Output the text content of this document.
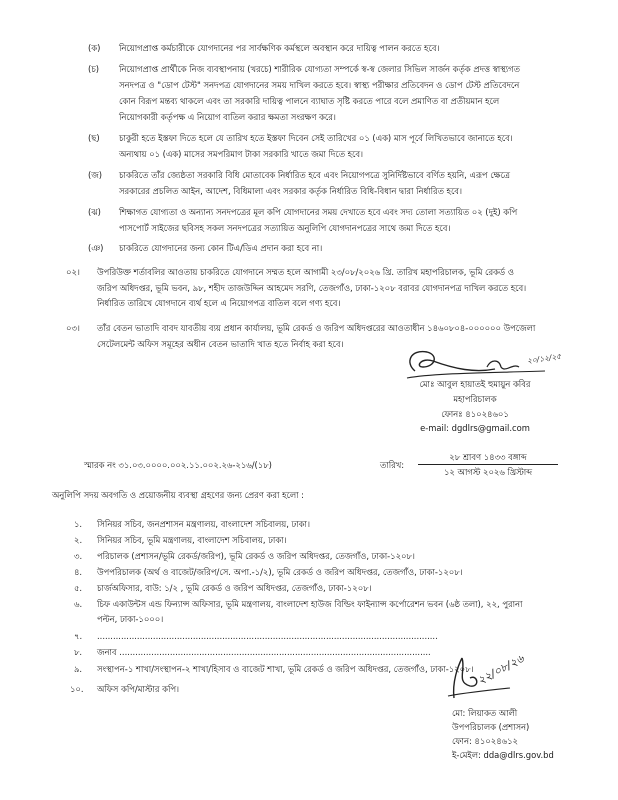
(ক) নিয়োগপ্রাপ্ত কর্মচারীকে যোগদানের পর সার্বক্ষণিক কর্মস্থলে অবস্থান করে দায়িত্ব পালন করতে হবে।
(চ) নিয়োগপ্রাপ্ত প্রার্থীকে নিজ ব্যবস্থাপনায় (খরচে) শারীরিক যোগ্যতা সম্পর্কে স্ব-স্ব জেলার সিভিল সার্জন কর্তৃক প্রদত্ত স্বাস্থ্যগত
সনদপত্র ও "ডোপ টেস্ট" সনদপত্র যোগদানের সময় দাখিল করতে হবে। স্বাস্থ্য পরীক্ষার প্রতিবেদন ও ডোপ টেস্ট প্রতিবেদনে
কোন বিরূপ মন্তব্য থাকলে এবং তা সরকারি দায়িত্ব পালনে ব্যাঘাত সৃষ্টি করতে পারে বলে প্রমাণিত বা প্রতীয়মান হলে
নিয়োগকারী কর্তৃপক্ষ এ নিয়োগ বাতিল করার ক্ষমতা সংরক্ষণ করে।
(ছ) চাকুরী হতে ইস্তফা দিতে হলে যে তারিখ হতে ইস্তফা দিবেন সেই তারিখের ০১ (এক) মাস পূর্বে লিখিতভাবে জানাতে হবে।
অন্যথায় ০১ (এক) মাসের সমপরিমাণ টাকা সরকারি খাতে জমা দিতে হবে।
(জ) চাকরিতে তাঁর জ্যেষ্ঠতা সরকারি বিধি মোতাবেক নির্ধারিত হবে এবং নিয়োগপত্রে সুনির্দিষ্টভাবে বর্ণিত হয়নি, এরূপ ক্ষেত্রে
সরকারের প্রচলিত আইন, আদেশ, বিধিমালা এবং সরকার কর্তৃক নির্ধারিত বিধি-বিধান দ্বারা নির্ধারিত হবে।
(ঝ) শিক্ষাগত যোগ্যতা ও অন্যান্য সনদপত্রের মূল কপি যোগদানের সময় দেখাতে হবে এবং সদ্য তোলা সত্যায়িত ০২ (দুই) কপি
পাসপোর্ট সাইজের ছবিসহ সকল সনদপত্রের সত্যায়িত অনুলিপি যোগদানপত্রের সাথে জমা দিতে হবে।
(ঞ) চাকরিতে যোগদানের জন্য কোন টিএ/ডিএ প্রদান করা হবে না।
০২। উপরিউক্ত শর্তাবলির আওতায় চাকরিতে যোগদানে সম্মত হলে আগামী ২৩/০৮/২০২৬ খ্রি. তারিখ মহাপরিচালক, ভূমি রেকর্ড ও
জরিপ অধিদপ্তর, ভূমি ভবন, ৯৮, শহীদ তাজউদ্দিন আহমেদ সরণি, তেজগাঁও, ঢাকা-১২০৮ বরাবর যোগদানপত্র দাখিল করতে হবে।
নির্ধারিত তারিখে যোগদানে ব্যর্থ হলে এ নিয়োগপত্র বাতিল বলে গণ্য হবে।
০৩। তাঁর বেতন ভাতাদি বাবদ যাবতীয় ব্যয় প্রধান কার্যালয়, ভূমি রেকর্ড ও জরিপ অধিদপ্তরের আওতাধীন ১৪৬০৮০৪-০০০০০০ উপজেলা
সেটেলমেন্ট অফিস সমূহের অধীন বেতন ভাতাদি খাত হতে নির্বাহ করা হবে।
২০/১২/২৫
মোঃ আবুল হায়াতই হুমায়ুন কবির
মহাপরিচালক
ফোনঃ ৪১০২৪৬০১
e-mail: dgdlrs@gmail.com
স্মারক নং ৩১.০৩.০০০০.০০২.১১.০০২.২৬-২১৬/(১৮)	তারিখ:
২৮ শ্রাবণ ১৪৩৩ বঙ্গাব্দ
১২ আগস্ট ২০২৬ খ্রিস্টাব্দ
অনুলিপি সদয় অবগতি ও প্রয়োজনীয় ব্যবস্থা গ্রহণের জন্য প্রেরণ করা হলো :
১. সিনিয়র সচিব, জনপ্রশাসন মন্ত্রণালয়, বাংলাদেশ সচিবালয়, ঢাকা।
২. সিনিয়র সচিব, ভূমি মন্ত্রণালয়, বাংলাদেশ সচিবালয়, ঢাকা।
৩. পরিচালক (প্রশাসন/ভূমি রেকর্ড/জরিপ), ভূমি রেকর্ড ও জরিপ অধিদপ্তর, তেজগাঁও, ঢাকা-১২০৮।
৪. উপপরিচালক (অর্থ ও বাজেট/জরিপ/সে. অপা.-১/২), ভূমি রেকর্ড ও জরিপ অধিদপ্তর, তেজগাঁও, ঢাকা-১২০৮।
৫. চার্জঅফিসার, বাউ: ১/২ , ভূমি রেকর্ড ও জরিপ অধিদপ্তর, তেজগাঁও, ঢাকা-১২০৮।
৬. চিফ একাউন্টস এন্ড ফিন্যান্স অফিসার, ভূমি মন্ত্রণালয়, বাংলাদেশ হাউজ বিল্ডিং ফাইন্যান্স কর্পোরেশন ভবন (৬ষ্ঠ তলা), ২২, পুরানা
পল্টন, ঢাকা-১০০০।
৭. ................................................................................................................................
৮. জনাব .....................................................................................................................
৯. সংস্থাপন-১ শাখা/সংস্থাপন-২ শাখা/হিসাব ও বাজেট শাখা, ভূমি রেকর্ড ও জরিপ অধিদপ্তর, তেজগাঁও, ঢাকা-১২০৮।
১০. অফিস কপি/মাস্টার কপি।
২২/০৮/২৬
মো: লিয়াকত আলী
উপপরিচালক (প্রশাসন)
ফোন: ৪১০২৪৬১২
ই-মেইল: dda@dlrs.gov.bd
